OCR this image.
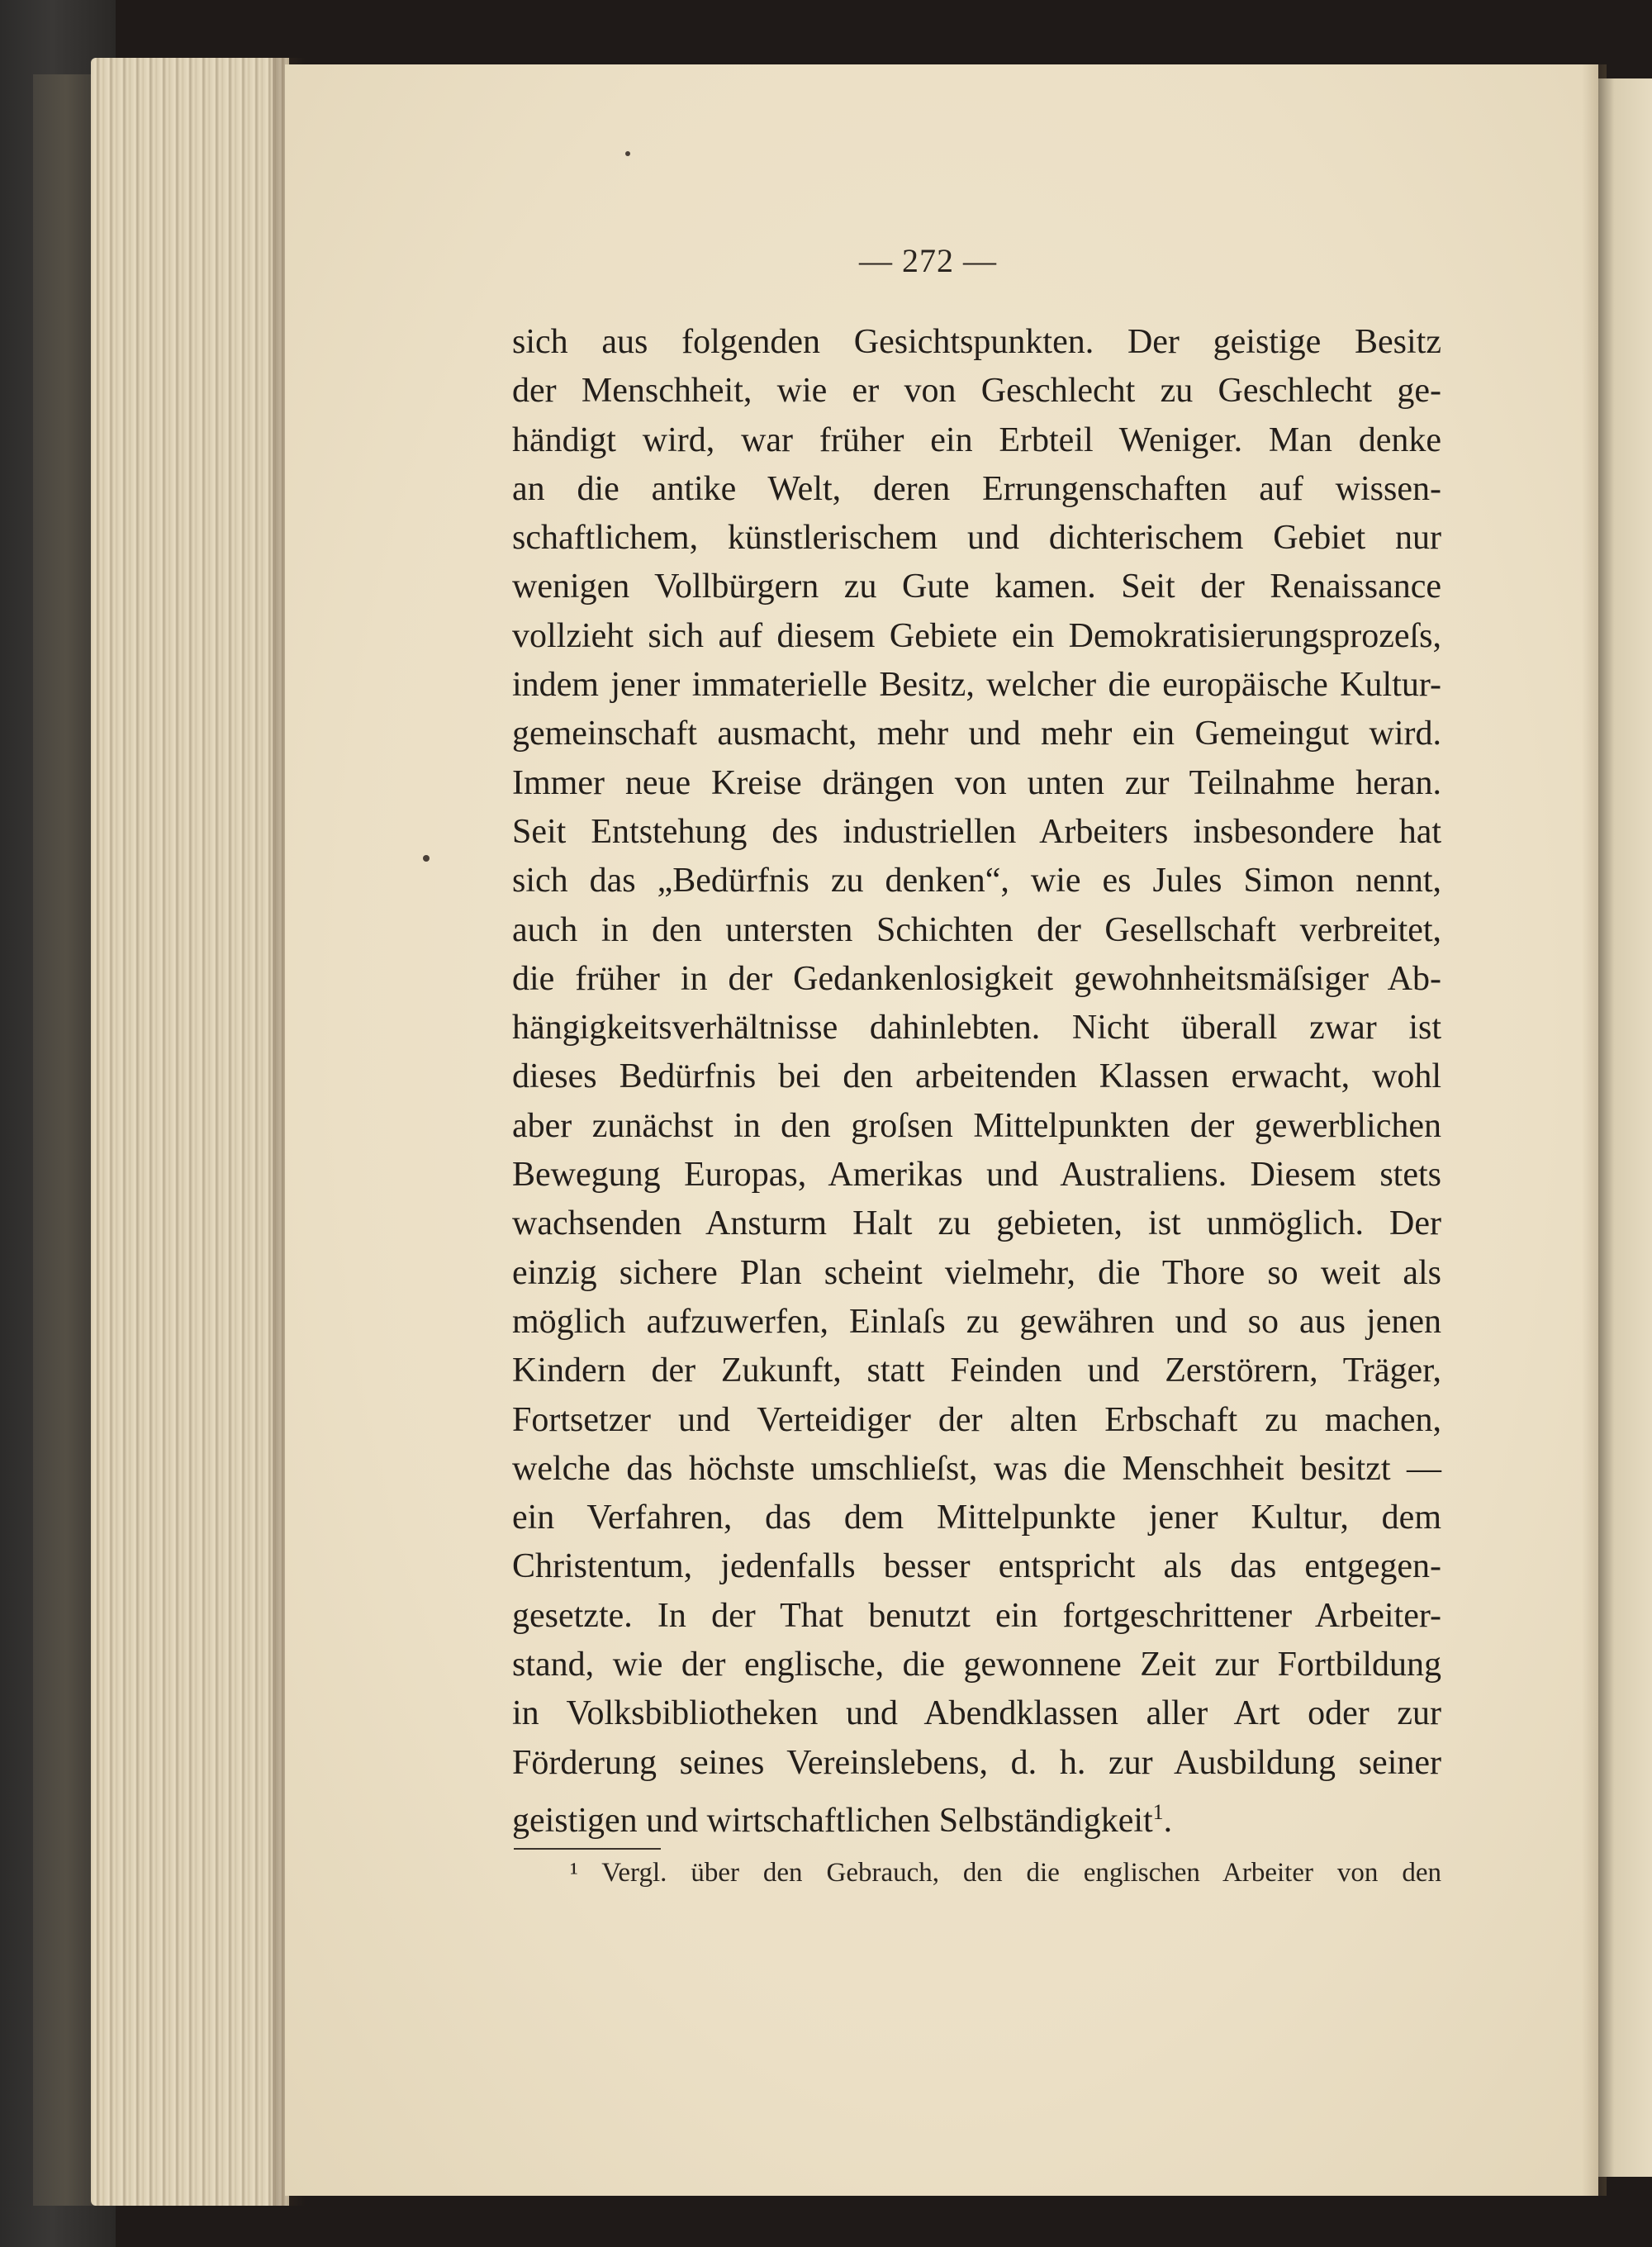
— 272 —
sich aus folgenden Gesichtspunkten. Der geistige Besitz
der Menschheit, wie er von Geschlecht zu Geschlecht ge-
händigt wird, war früher ein Erbteil Weniger. Man denke
an die antike Welt, deren Errungenschaften auf wissen-
schaftlichem, künstlerischem und dichterischem Gebiet nur
wenigen Vollbürgern zu Gute kamen. Seit der Renaissance
vollzieht sich auf diesem Gebiete ein Demokratisierungsprozeſs,
indem jener immaterielle Besitz, welcher die europäische Kultur-
gemeinschaft ausmacht, mehr und mehr ein Gemeingut wird.
Immer neue Kreise drängen von unten zur Teilnahme heran.
Seit Entstehung des industriellen Arbeiters insbesondere hat
sich das „Bedürfnis zu denken“, wie es Jules Simon nennt,
auch in den untersten Schichten der Gesellschaft verbreitet,
die früher in der Gedankenlosigkeit gewohnheitsmäſsiger Ab-
hängigkeitsverhältnisse dahinlebten. Nicht überall zwar ist
dieses Bedürfnis bei den arbeitenden Klassen erwacht, wohl
aber zunächst in den groſsen Mittelpunkten der gewerblichen
Bewegung Europas, Amerikas und Australiens. Diesem stets
wachsenden Ansturm Halt zu gebieten, ist unmöglich. Der
einzig sichere Plan scheint vielmehr, die Thore so weit als
möglich aufzuwerfen, Einlaſs zu gewähren und so aus jenen
Kindern der Zukunft, statt Feinden und Zerstörern, Träger,
Fortsetzer und Verteidiger der alten Erbschaft zu machen,
welche das höchste umschlieſst, was die Menschheit besitzt —
ein Verfahren, das dem Mittelpunkte jener Kultur, dem
Christentum, jedenfalls besser entspricht als das entgegen-
gesetzte. In der That benutzt ein fortgeschrittener Arbeiter-
stand, wie der englische, die gewonnene Zeit zur Fortbildung
in Volksbibliotheken und Abendklassen aller Art oder zur
Förderung seines Vereinslebens, d. h. zur Ausbildung seiner
geistigen und wirtschaftlichen Selbständigkeit$^1$.
¹ Vergl. über den Gebrauch, den die englischen Arbeiter von den
